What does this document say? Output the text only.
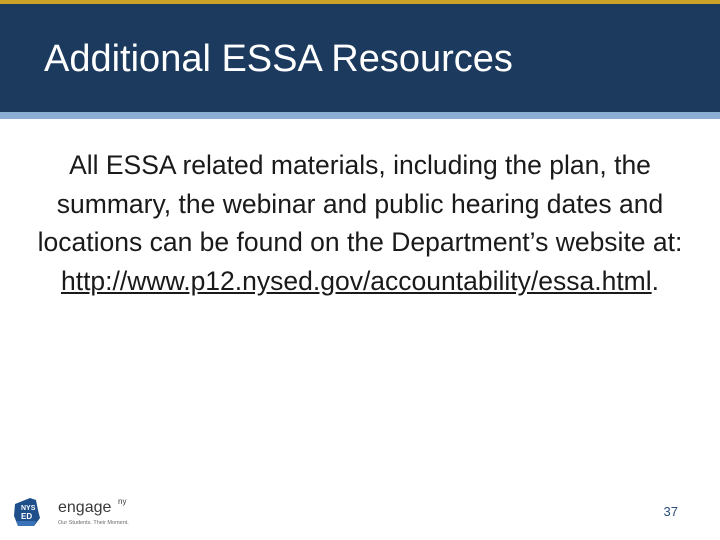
Additional ESSA Resources

All ESSA related materials, including the plan, the summary, the webinar and public hearing dates and locations can be found on the Department’s website at: http://www.p12.nysed.gov/accountability/essa.html.

NYS
ED
engage ny
Our Students. Their Moment.
37
